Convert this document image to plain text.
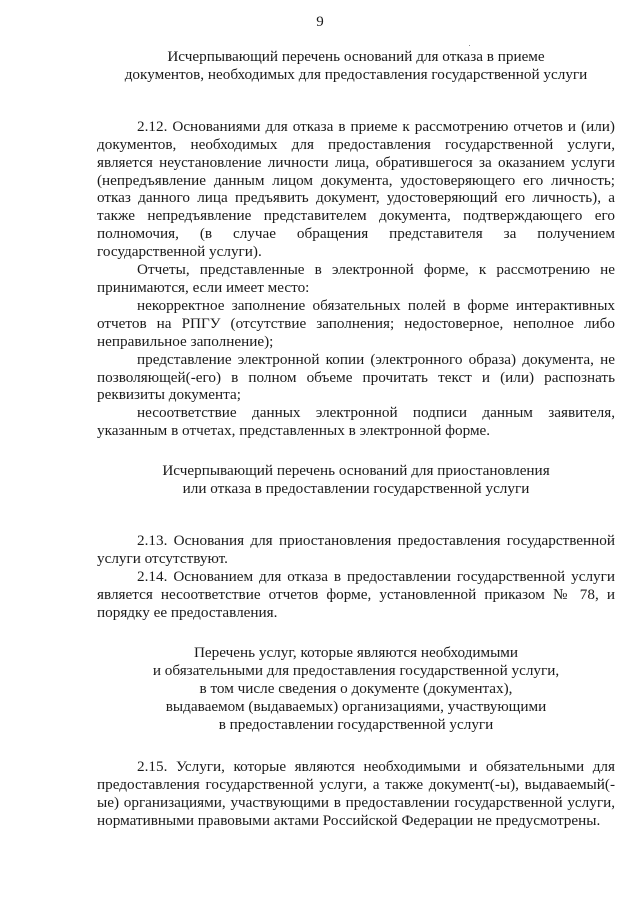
9
Исчерпывающий перечень оснований для отказа в приеме
документов, необходимых для предоставления государственной услуги

2.12. Основаниями для отказа в приеме к рассмотрению отчетов и (или) документов, необходимых для предоставления государственной услуги, является неустановление личности лица, обратившегося за оказанием услуги (непредъявление данным лицом документа, удостоверяющего его личность; отказ данного лица предъявить документ, удостоверяющий его личность), а также непредъявление представителем документа, подтверждающего его полномочия, (в случае обращения представителя за получением государственной услуги).

Отчеты, представленные в электронной форме, к рассмотрению не принимаются, если имеет место:

некорректное заполнение обязательных полей в форме интерактивных отчетов на РПГУ (отсутствие заполнения; недостоверное, неполное либо неправильное заполнение);

представление электронной копии (электронного образа) документа, не позволяющей(-его) в полном объеме прочитать текст и (или) распознать реквизиты документа;

несоответствие данных электронной подписи данным заявителя, указанным в отчетах, представленных в электронной форме.

Исчерпывающий перечень оснований для приостановления
или отказа в предоставлении государственной услуги

2.13. Основания для приостановления предоставления государственной услуги отсутствуют.

2.14. Основанием для отказа в предоставлении государственной услуги является несоответствие отчетов форме, установленной приказом № 78, и порядку ее предоставления.

Перечень услуг, которые являются необходимыми
и обязательными для предоставления государственной услуги,
в том числе сведения о документе (документах),
выдаваемом (выдаваемых) организациями, участвующими
в предоставлении государственной услуги

2.15. Услуги, которые являются необходимыми и обязательными для предоставления государственной услуги, а также документ(-ы), выдаваемый(-ые) организациями, участвующими в предоставлении государственной услуги, нормативными правовыми актами Российской Федерации не предусмотрены.
